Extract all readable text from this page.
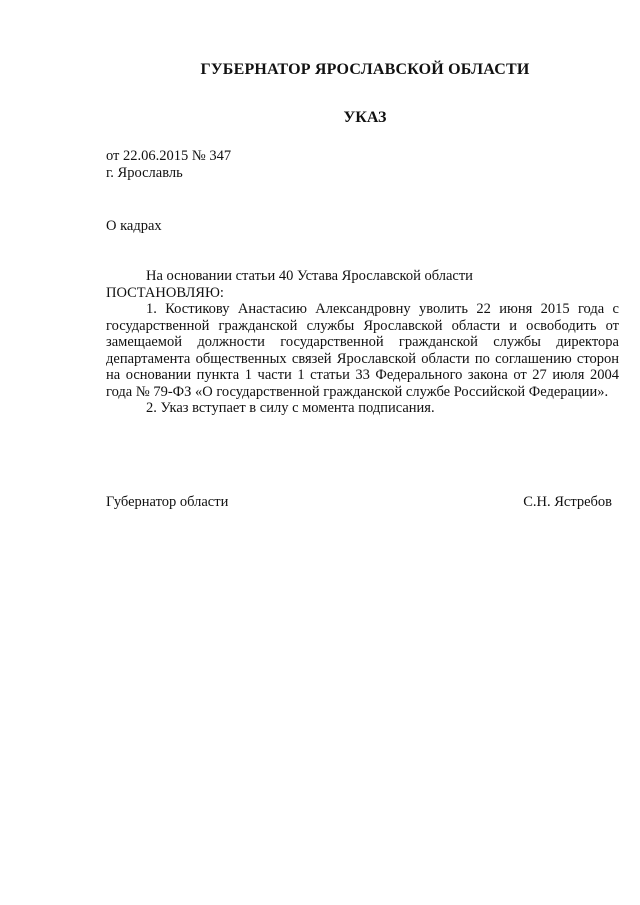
ГУБЕРНАТОР ЯРОСЛАВСКОЙ ОБЛАСТИ
УКАЗ
от 22.06.2015 № 347
г. Ярославль
О кадрах

На основании статьи 40 Устава Ярославской области

ПОСТАНОВЛЯЮ:

1. Костикову Анастасию Александровну уволить 22 июня 2015 года с государственной гражданской службы Ярославской области и освободить от замещаемой должности государственной гражданской службы директора департамента общественных связей Ярославской области по соглашению сторон на основании пункта 1 части 1 статьи 33 Федерального закона от 27 июля 2004 года № 79-ФЗ «О государственной гражданской службе Российской Федерации».

2. Указ вступает в силу с момента подписания.

Губернатор области	С.Н. Ястребов
